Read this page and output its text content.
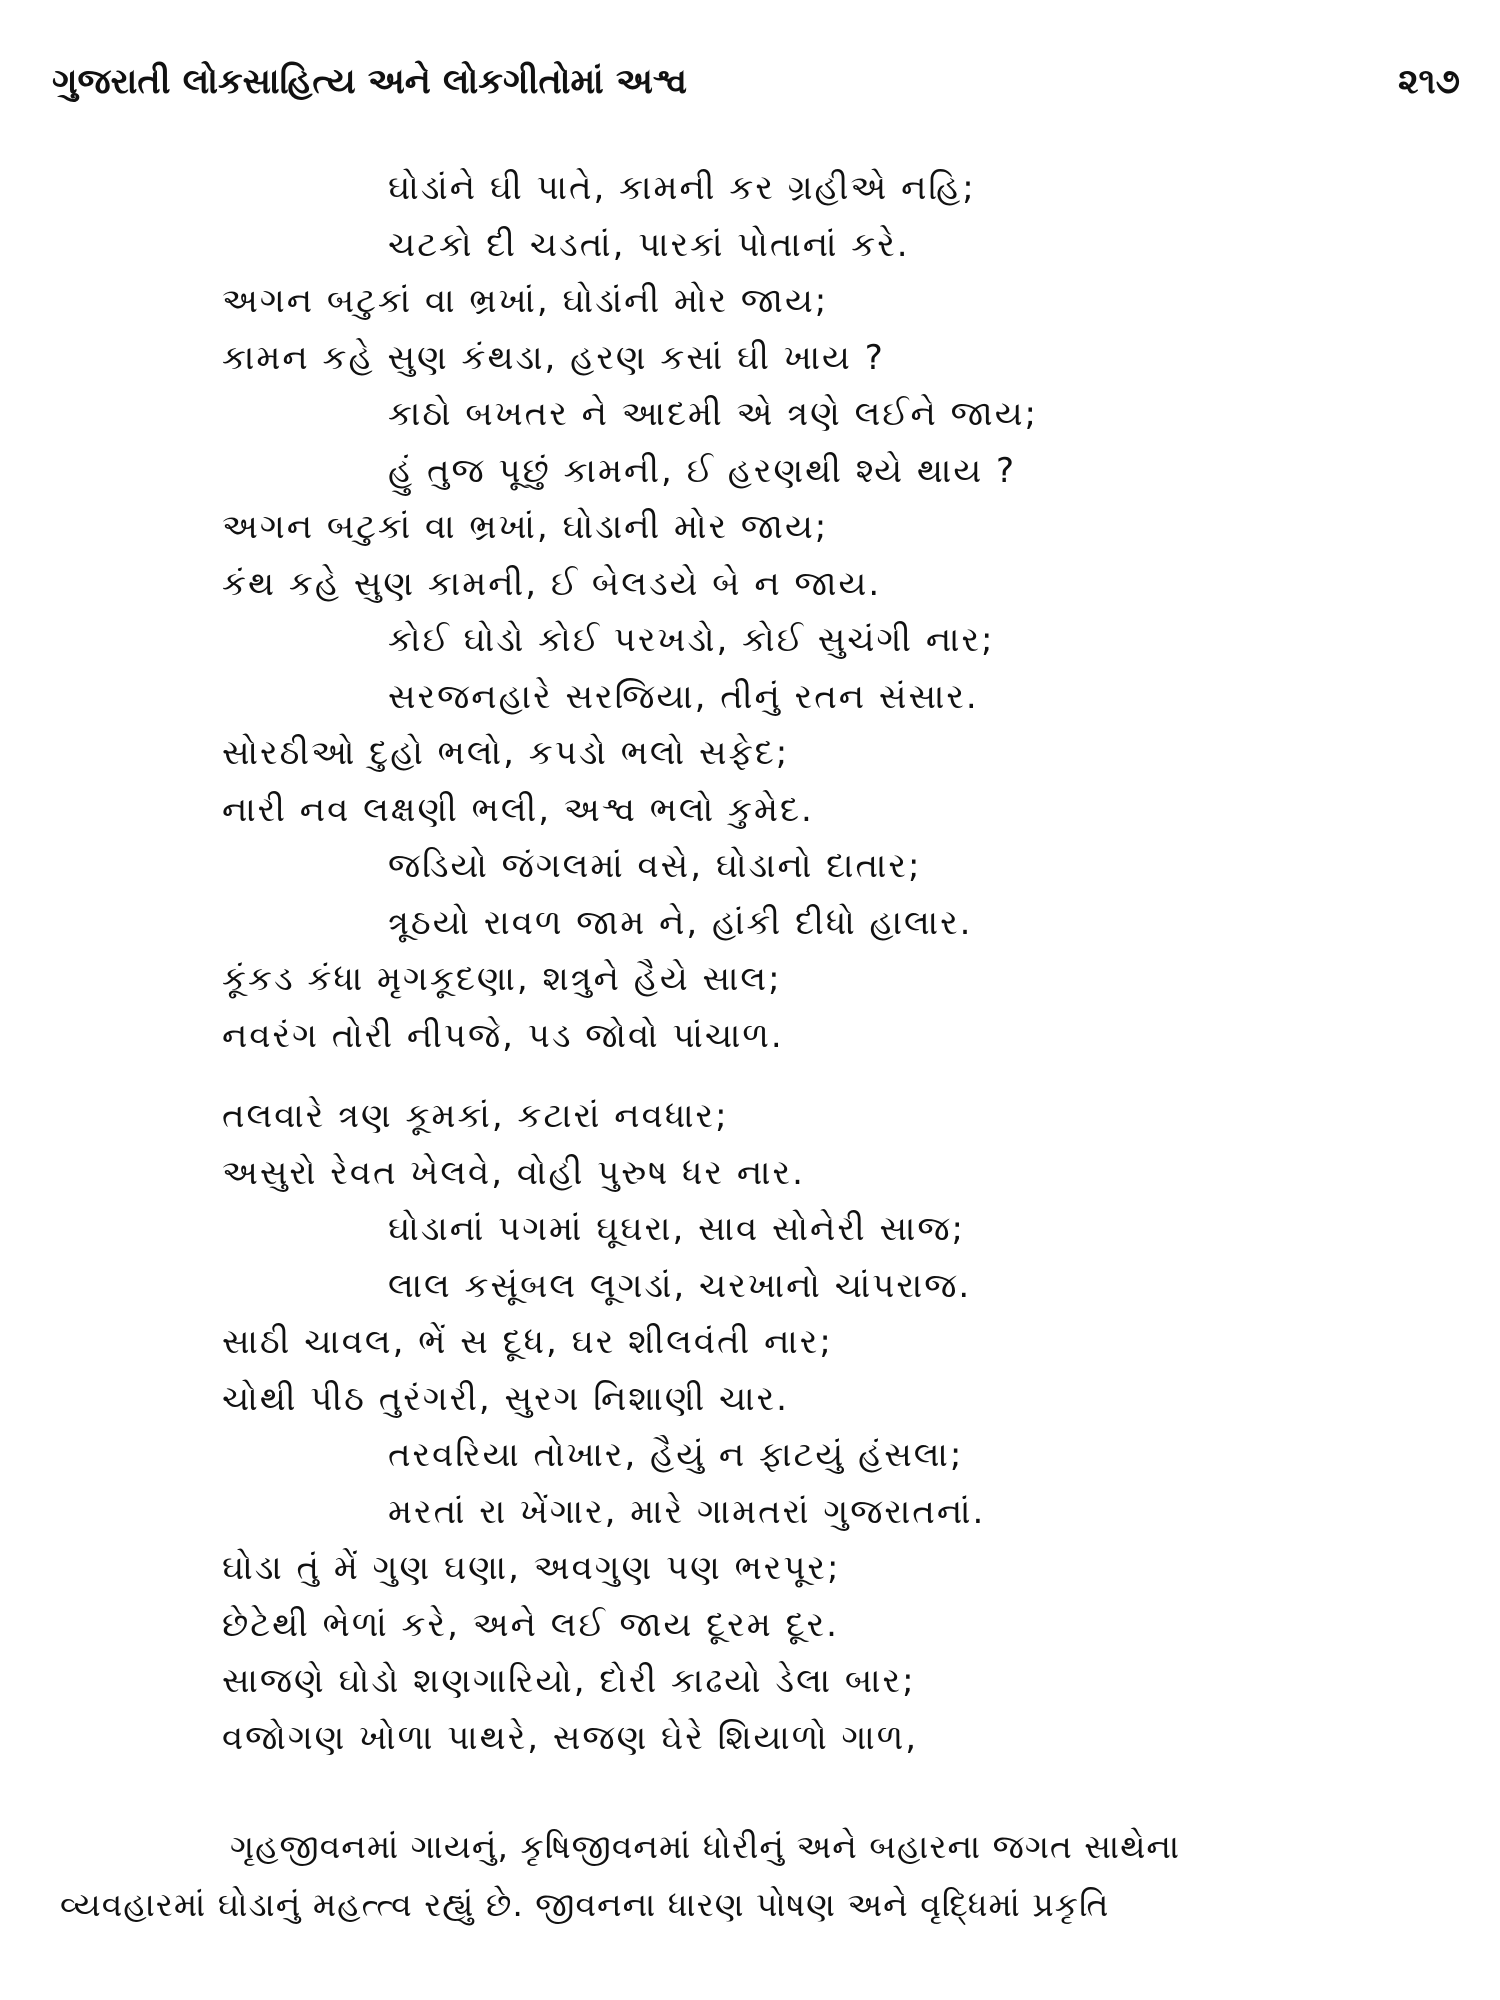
ગુજરાતી લોકસાહિત્ય અને લોકગીતોમાં અશ્વ	૨૧૭
ઘોડાંને ઘી પાતે, કામની કર ગ્રહીએ નહિ;
ચટકો દી ચડતાં, પારકાં પોતાનાં કરે.
અગન બટુકાં વા ભ્રખાં, ઘોડાંની મોર જાય;
કામન કહે સુણ કંથડા, હરણ કસાં ઘી ખાય ?
કાઠો બખતર ને આદમી એ ત્રણે લઈને જાય;
હું તુજ પૂછું કામની, ઈ હરણથી શ્યે થાય ?
અગન બટુકાં વા ભ્રખાં, ઘોડાની મોર જાય;
કંથ કહે સુણ કામની, ઈ બેલડયે બે ન જાય.
કોઈ ઘોડો કોઈ પરખડો, કોઈ સુચંગી નાર;
સરજનહારે સરજિયા, તીનું રતન સંસાર.
સોરઠીઓ દુહો ભલો, કપડો ભલો સફેદ;
નારી નવ લક્ષણી ભલી, અશ્વ ભલો કુમેદ.
જડિયો જંગલમાં વસે, ઘોડાનો દાતાર;
ત્રૂઠયો રાવળ જામ ને, હાંકી દીધો હાલાર.
કૂંકડ કંધા મૃગકૂદણા, શત્રુને હૈયે સાલ;
નવરંગ તોરી નીપજે, પડ જોવો પાંચાળ.
તલવારે ત્રણ કૂમકાં, કટારાં નવધાર;
અસુરો રેવત ખેલવે, વોહી પુરુષ ધર નાર.
ઘોડાનાં પગમાં ઘૂઘરા, સાવ સોનેરી સાજ;
લાલ કસૂંબલ લૂગડાં, ચરખાનો ચાંપરાજ.
સાઠી ચાવલ, ભેં સ દૂધ, ઘર શીલવંતી નાર;
ચોથી પીઠ તુરંગરી, સુરગ નિશાણી ચાર.
તરવરિયા તોખાર, હૈયું ન ફાટયું હંસલા;
મરતાં રા ખેંગાર, મારે ગામતરાં ગુજરાતનાં.
ઘોડા તું મેં ગુણ ઘણા, અવગુણ પણ ભરપૂર;
છેટેથી ભેળાં કરે, અને લઈ જાય દૂરમ દૂર.
સાજણે ઘોડો શણગારિયો, દોરી કાઢયો ડેલા બાર;
વજોગણ ખોળા પાથરે, સજણ ઘેરે શિયાળો ગાળ,
ગૃહજીવનમાં ગાયનું, કૃષિજીવનમાં ધોરીનું અને બહારના જગત સાથેના
વ્યવહારમાં ઘોડાનું મહત્ત્વ રહ્યું છે. જીવનના ધારણ પોષણ અને વૃદ્ધિમાં પ્રકૃતિ
